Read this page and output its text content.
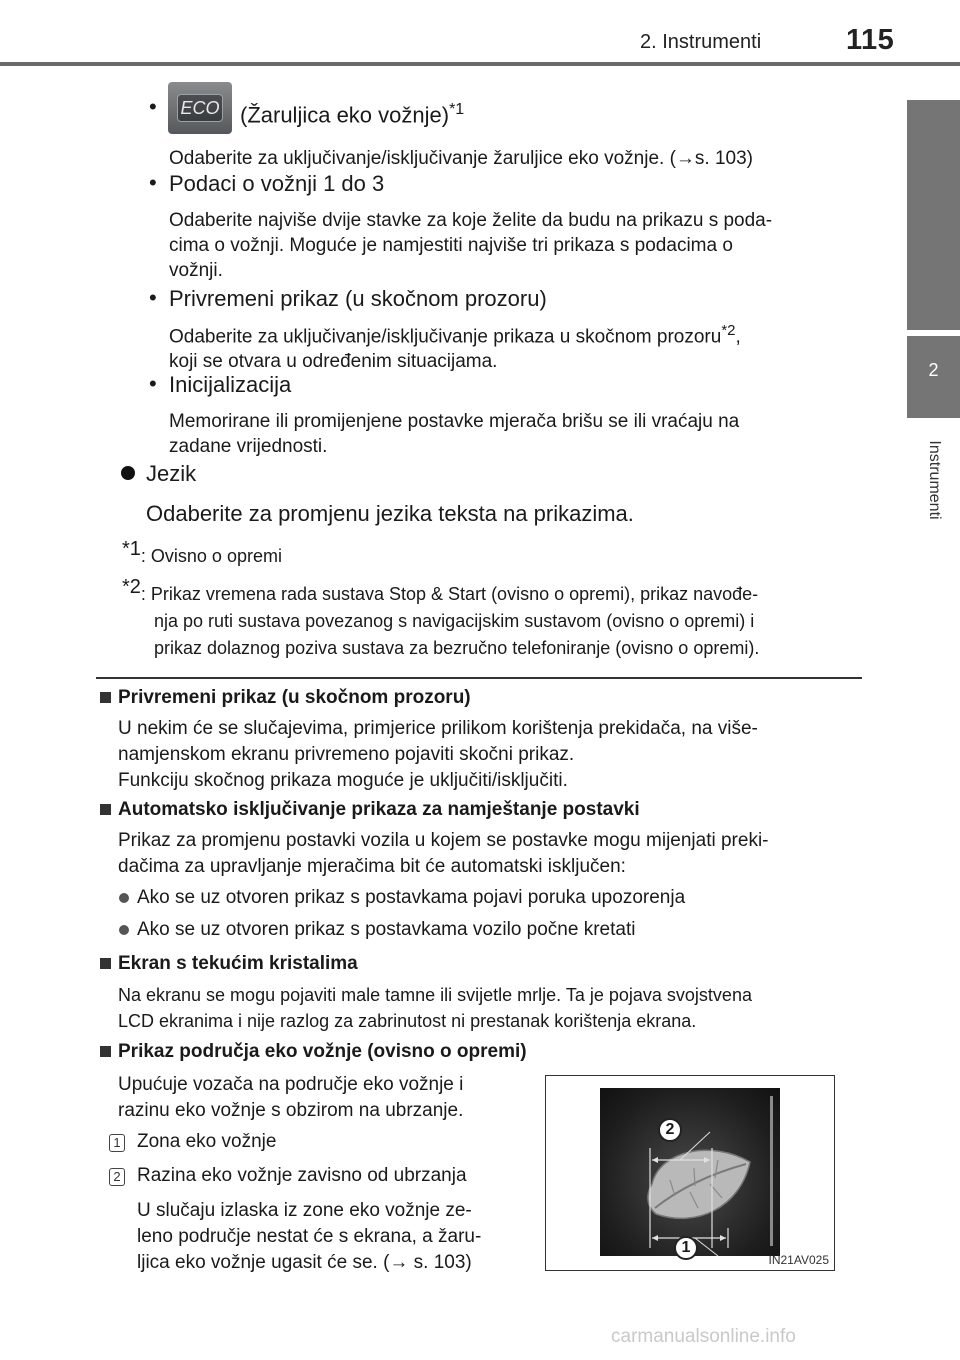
2. Instrumenti	115
2
Instrumenti
• ECO (Žaruljica eko vožnje)$^{*1}$
Odaberite za uključivanje/isključivanje žaruljice eko vožnje. (→s. 103)
• Podaci o vožnji 1 do 3
Odaberite najviše dvije stavke za koje želite da budu na prikazu s poda-
cima o vožnji. Moguće je namjestiti najviše tri prikaza s podacima o
vožnji.
• Privremeni prikaz (u skočnom prozoru)
Odaberite za uključivanje/isključivanje prikaza u skočnom prozoru$^{*2}$,
koji se otvara u određenim situacijama.
• Inicijalizacija
Memorirane ili promijenjene postavke mjerača brišu se ili vraćaju na
zadane vrijednosti.
Jezik
Odaberite za promjenu jezika teksta na prikazima.
$^{*1}$: Ovisno o opremi
$^{*2}$: Prikaz vremena rada sustava Stop & Start (ovisno o opremi), prikaz navođe-
nja po ruti sustava povezanog s navigacijskim sustavom (ovisno o opremi) i
prikaz dolaznog poziva sustava za bezručno telefoniranje (ovisno o opremi).
Privremeni prikaz (u skočnom prozoru)
U nekim će se slučajevima, primjerice prilikom korištenja prekidača, na više-
namjenskom ekranu privremeno pojaviti skočni prikaz.
Funkciju skočnog prikaza moguće je uključiti/isključiti.
Automatsko isključivanje prikaza za namještanje postavki
Prikaz za promjenu postavki vozila u kojem se postavke mogu mijenjati preki-
dačima za upravljanje mjeračima bit će automatski isključen:
Ako se uz otvoren prikaz s postavkama pojavi poruka upozorenja
Ako se uz otvoren prikaz s postavkama vozilo počne kretati
Ekran s tekućim kristalima
Na ekranu se mogu pojaviti male tamne ili svijetle mrlje. Ta je pojava svojstvena
LCD ekranima i nije razlog za zabrinutost ni prestanak korištenja ekrana.
Prikaz područja eko vožnje (ovisno o opremi)
Upućuje vozača na područje eko vožnje i
razinu eko vožnje s obzirom na ubrzanje.
1 Zona eko vožnje
2 Razina eko vožnje zavisno od ubrzanja
U slučaju izlaska iz zone eko vožnje ze-
leno područje nestat će s ekrana, a žaru-
ljica eko vožnje ugasit će se. (→ s. 103)
2
1
IN21AV025
carmanualsonline.info
